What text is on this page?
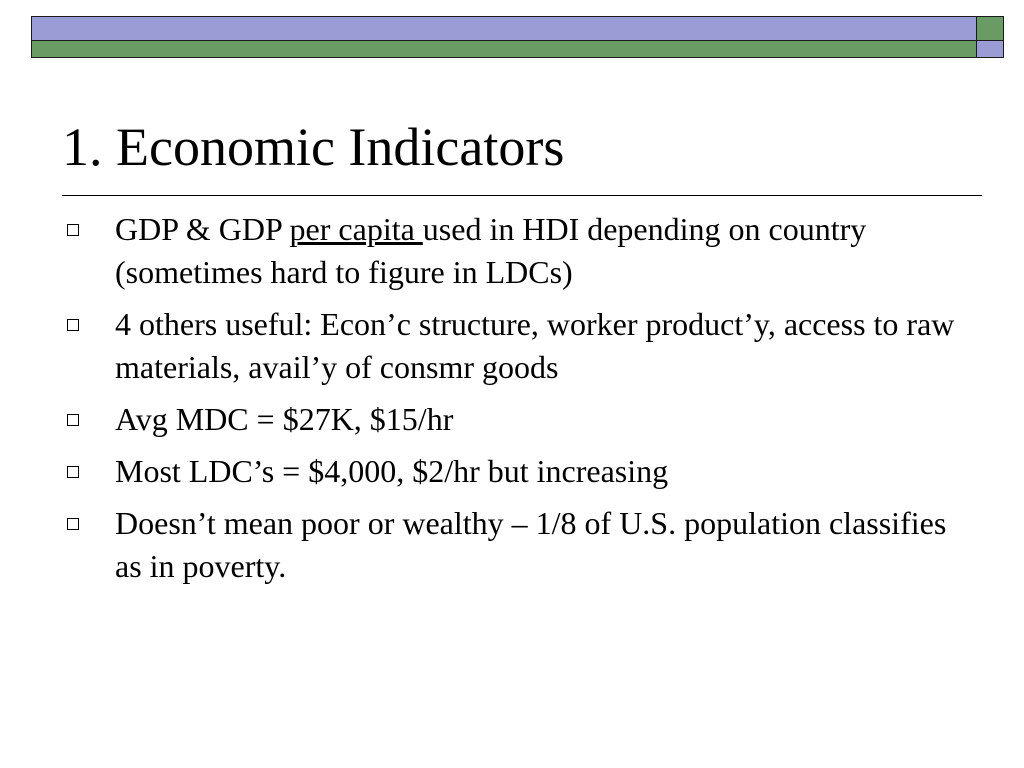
1. Economic Indicators
GDP & GDP per capita used in HDI depending on country (sometimes hard to figure in LDCs)
4 others useful: Econ’c structure, worker product’y, access to raw materials, avail’y of consmr goods
Avg MDC = $27K, $15/hr
Most LDC’s = $4,000, $2/hr but increasing
Doesn’t mean poor or wealthy – 1/8 of U.S. population classifies as in poverty.
